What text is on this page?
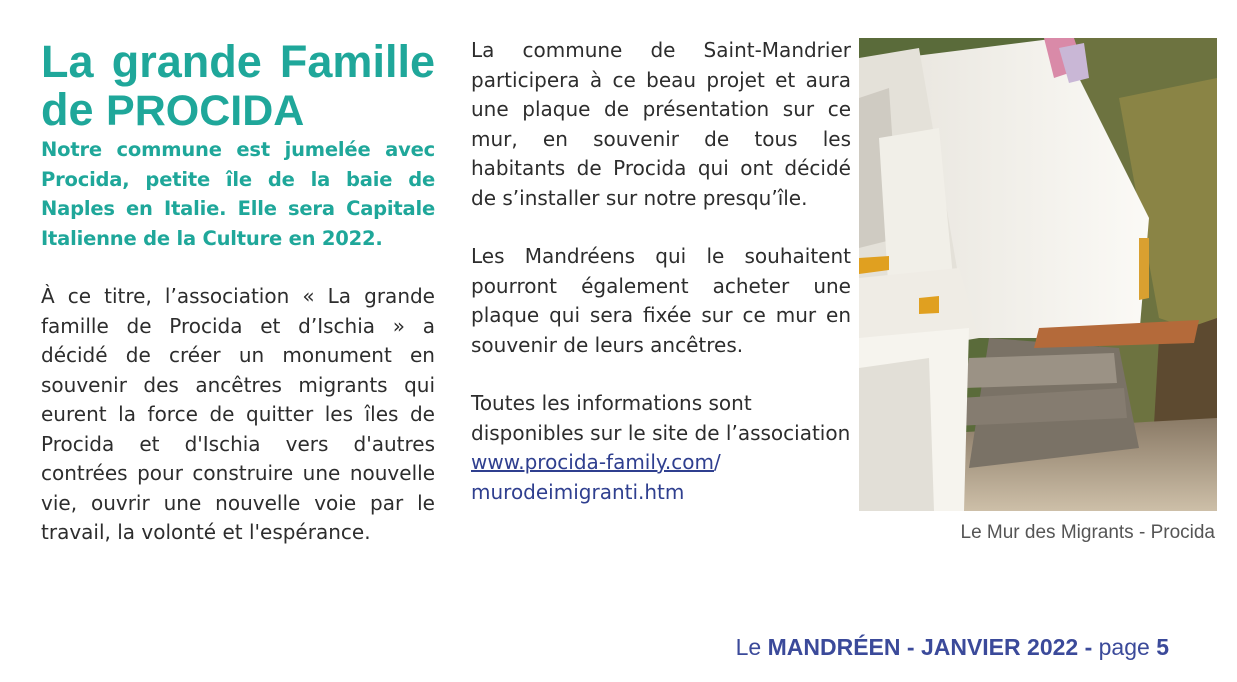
La grande Famille
de PROCIDA

Notre commune est jumelée avec Procida, petite île de la baie de Naples en Italie. Elle sera Capitale Italienne de la Culture en 2022.

À ce titre, l’association « La grande famille de Procida et d’Ischia » a décidé de créer un monument en souvenir des ancêtres migrants qui eurent la force de quitter les îles de Procida et d'Ischia vers d'autres contrées pour construire une nouvelle vie, ouvrir une nouvelle voie par le travail, la volonté et l'espérance.

La commune de Saint-Mandrier participera à ce beau projet et aura une plaque de présentation sur ce mur, en souvenir de tous les habitants de Procida qui ont décidé de s’installer sur notre presqu’île.

Les Mandréens qui le souhaitent pourront également acheter une plaque qui sera fixée sur ce mur en souvenir de leurs ancêtres.

Toutes les informations sont disponibles sur le site de l’association
www.procida-family.com/
murodeimigranti.htm

Le Mur des Migrants - Procida
Le MANDRÉEN - JANVIER 2022 - page 5
